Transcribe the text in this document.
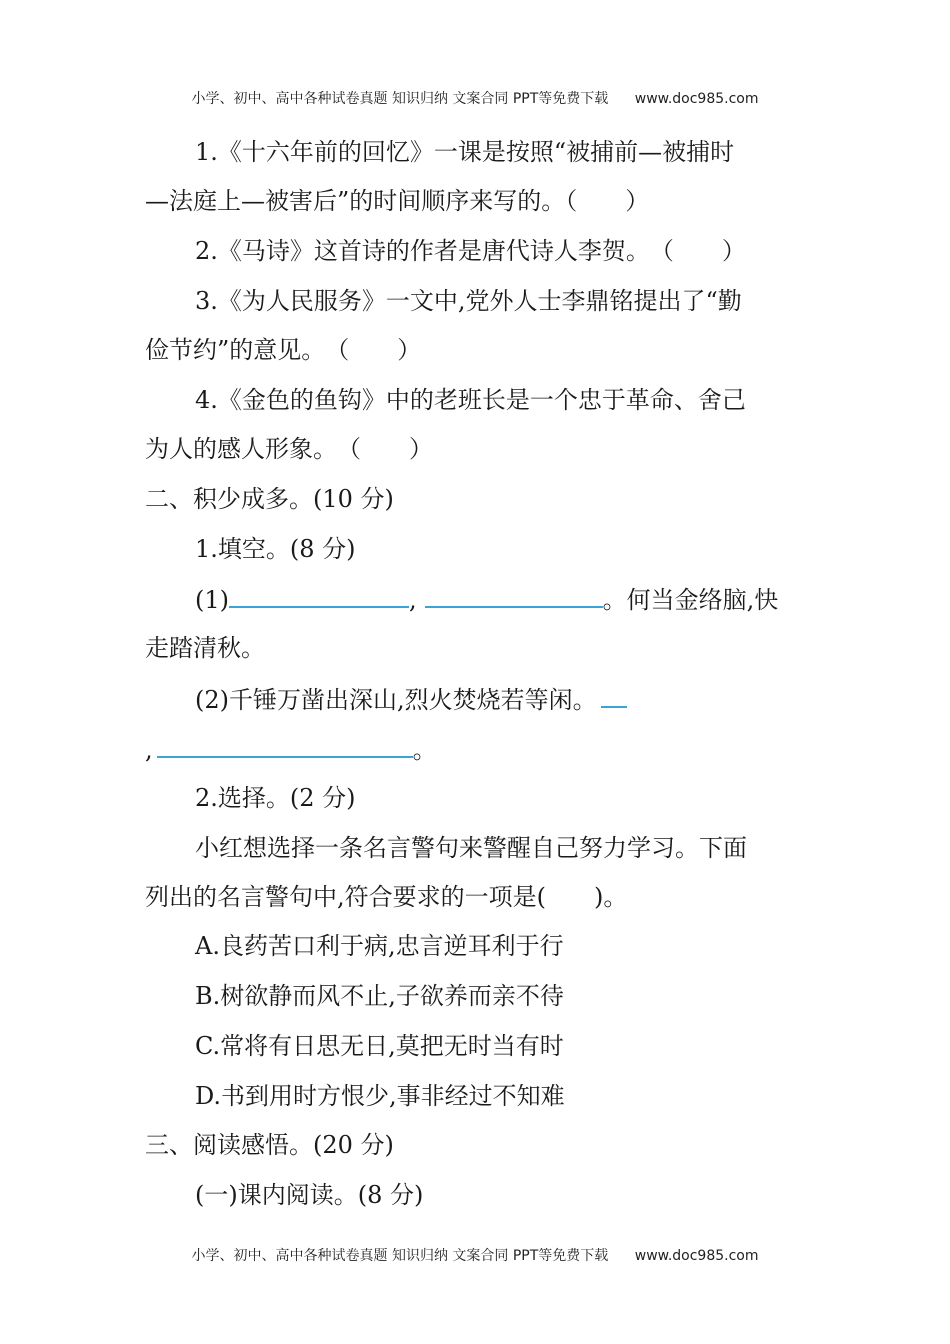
小学、初中、高中各种试卷真题 知识归纳 文案合同 PPT等免费下载 www.doc985.com
1.《十六年前的回忆》一课是按照“被捕前—被捕时
—法庭上—被害后”的时间顺序来写的。（　　）
2.《马诗》这首诗的作者是唐代诗人李贺。　（　　）
3.《为人民服务》一文中,党外人士李鼎铭提出了“勤
俭节约”的意见。　（　　）
4.《金色的鱼钩》中的老班长是一个忠于革命、舍己
为人的感人形象。　（　　）
二、积少成多。(10 分)
1.填空。(8 分)
(1)	,	。何当金络脑,快
走踏清秋。
(2)千锤万凿出深山,烈火焚烧若等闲。
,	。
2.选择。(2 分)
小红想选择一条名言警句来警醒自己努力学习。下面
列出的名言警句中,符合要求的一项是(　　)。
A.良药苦口利于病,忠言逆耳利于行
B.树欲静而风不止,子欲养而亲不待
C.常将有日思无日,莫把无时当有时
D.书到用时方恨少,事非经过不知难
三、阅读感悟。(20 分)
(一)课内阅读。(8 分)
小学、初中、高中各种试卷真题 知识归纳 文案合同 PPT等免费下载 www.doc985.com
